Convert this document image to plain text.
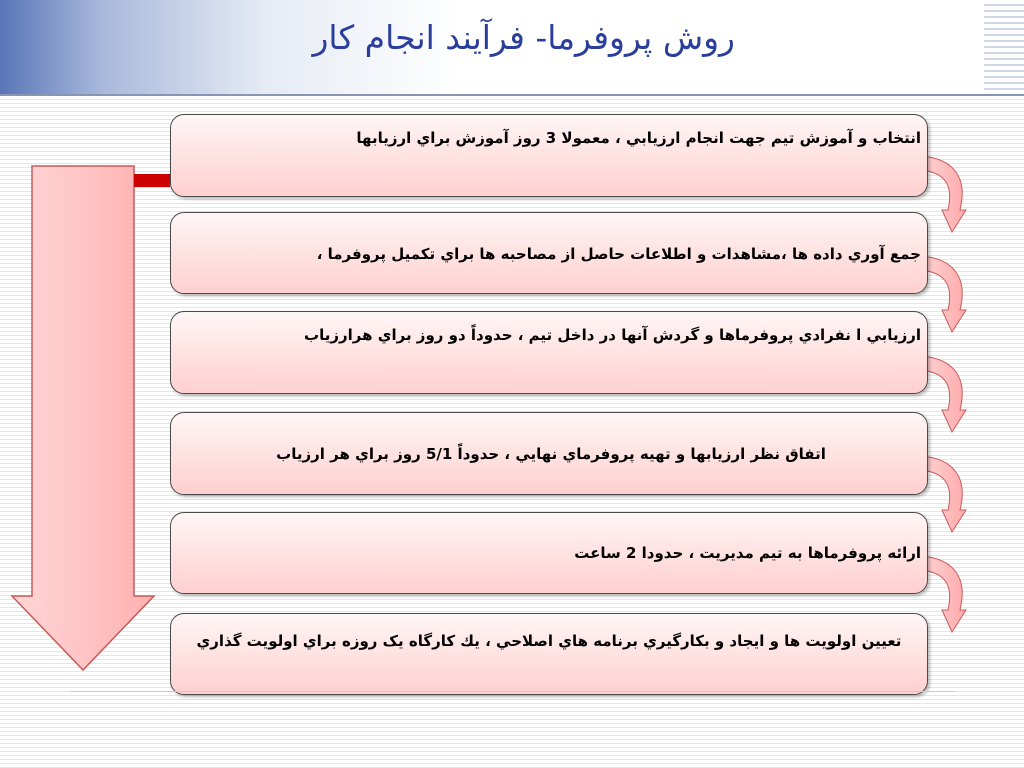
روش پروفرما- فرآيند انجام کار
انتخاب و آموزش تيم جهت انجام ارزيابي ، معمولا 3 روز آموزش براي ارزيابها
جمع آوري داده ها ،مشاهدات و اطلاعات حاصل از مصاحبه ها براي تکميل پروفرما ،
ارزيابي ا نفرادي پروفرماها و گردش آنها در داخل تيم ، حدوداً دو روز براي هرارزياب
اتفاق نظر ارزيابها و تهيه پروفرماي نهايي ، حدوداً 5/1 روز براي هر ارزياب
ارائه پروفرماها به تيم مديريت ، حدودا 2 ساعت
تعيين اولويت ها و ايجاد و بکارگيري برنامه هاي اصلاحي ، يك کارگاه يک روزه براي اولويت گذاري
